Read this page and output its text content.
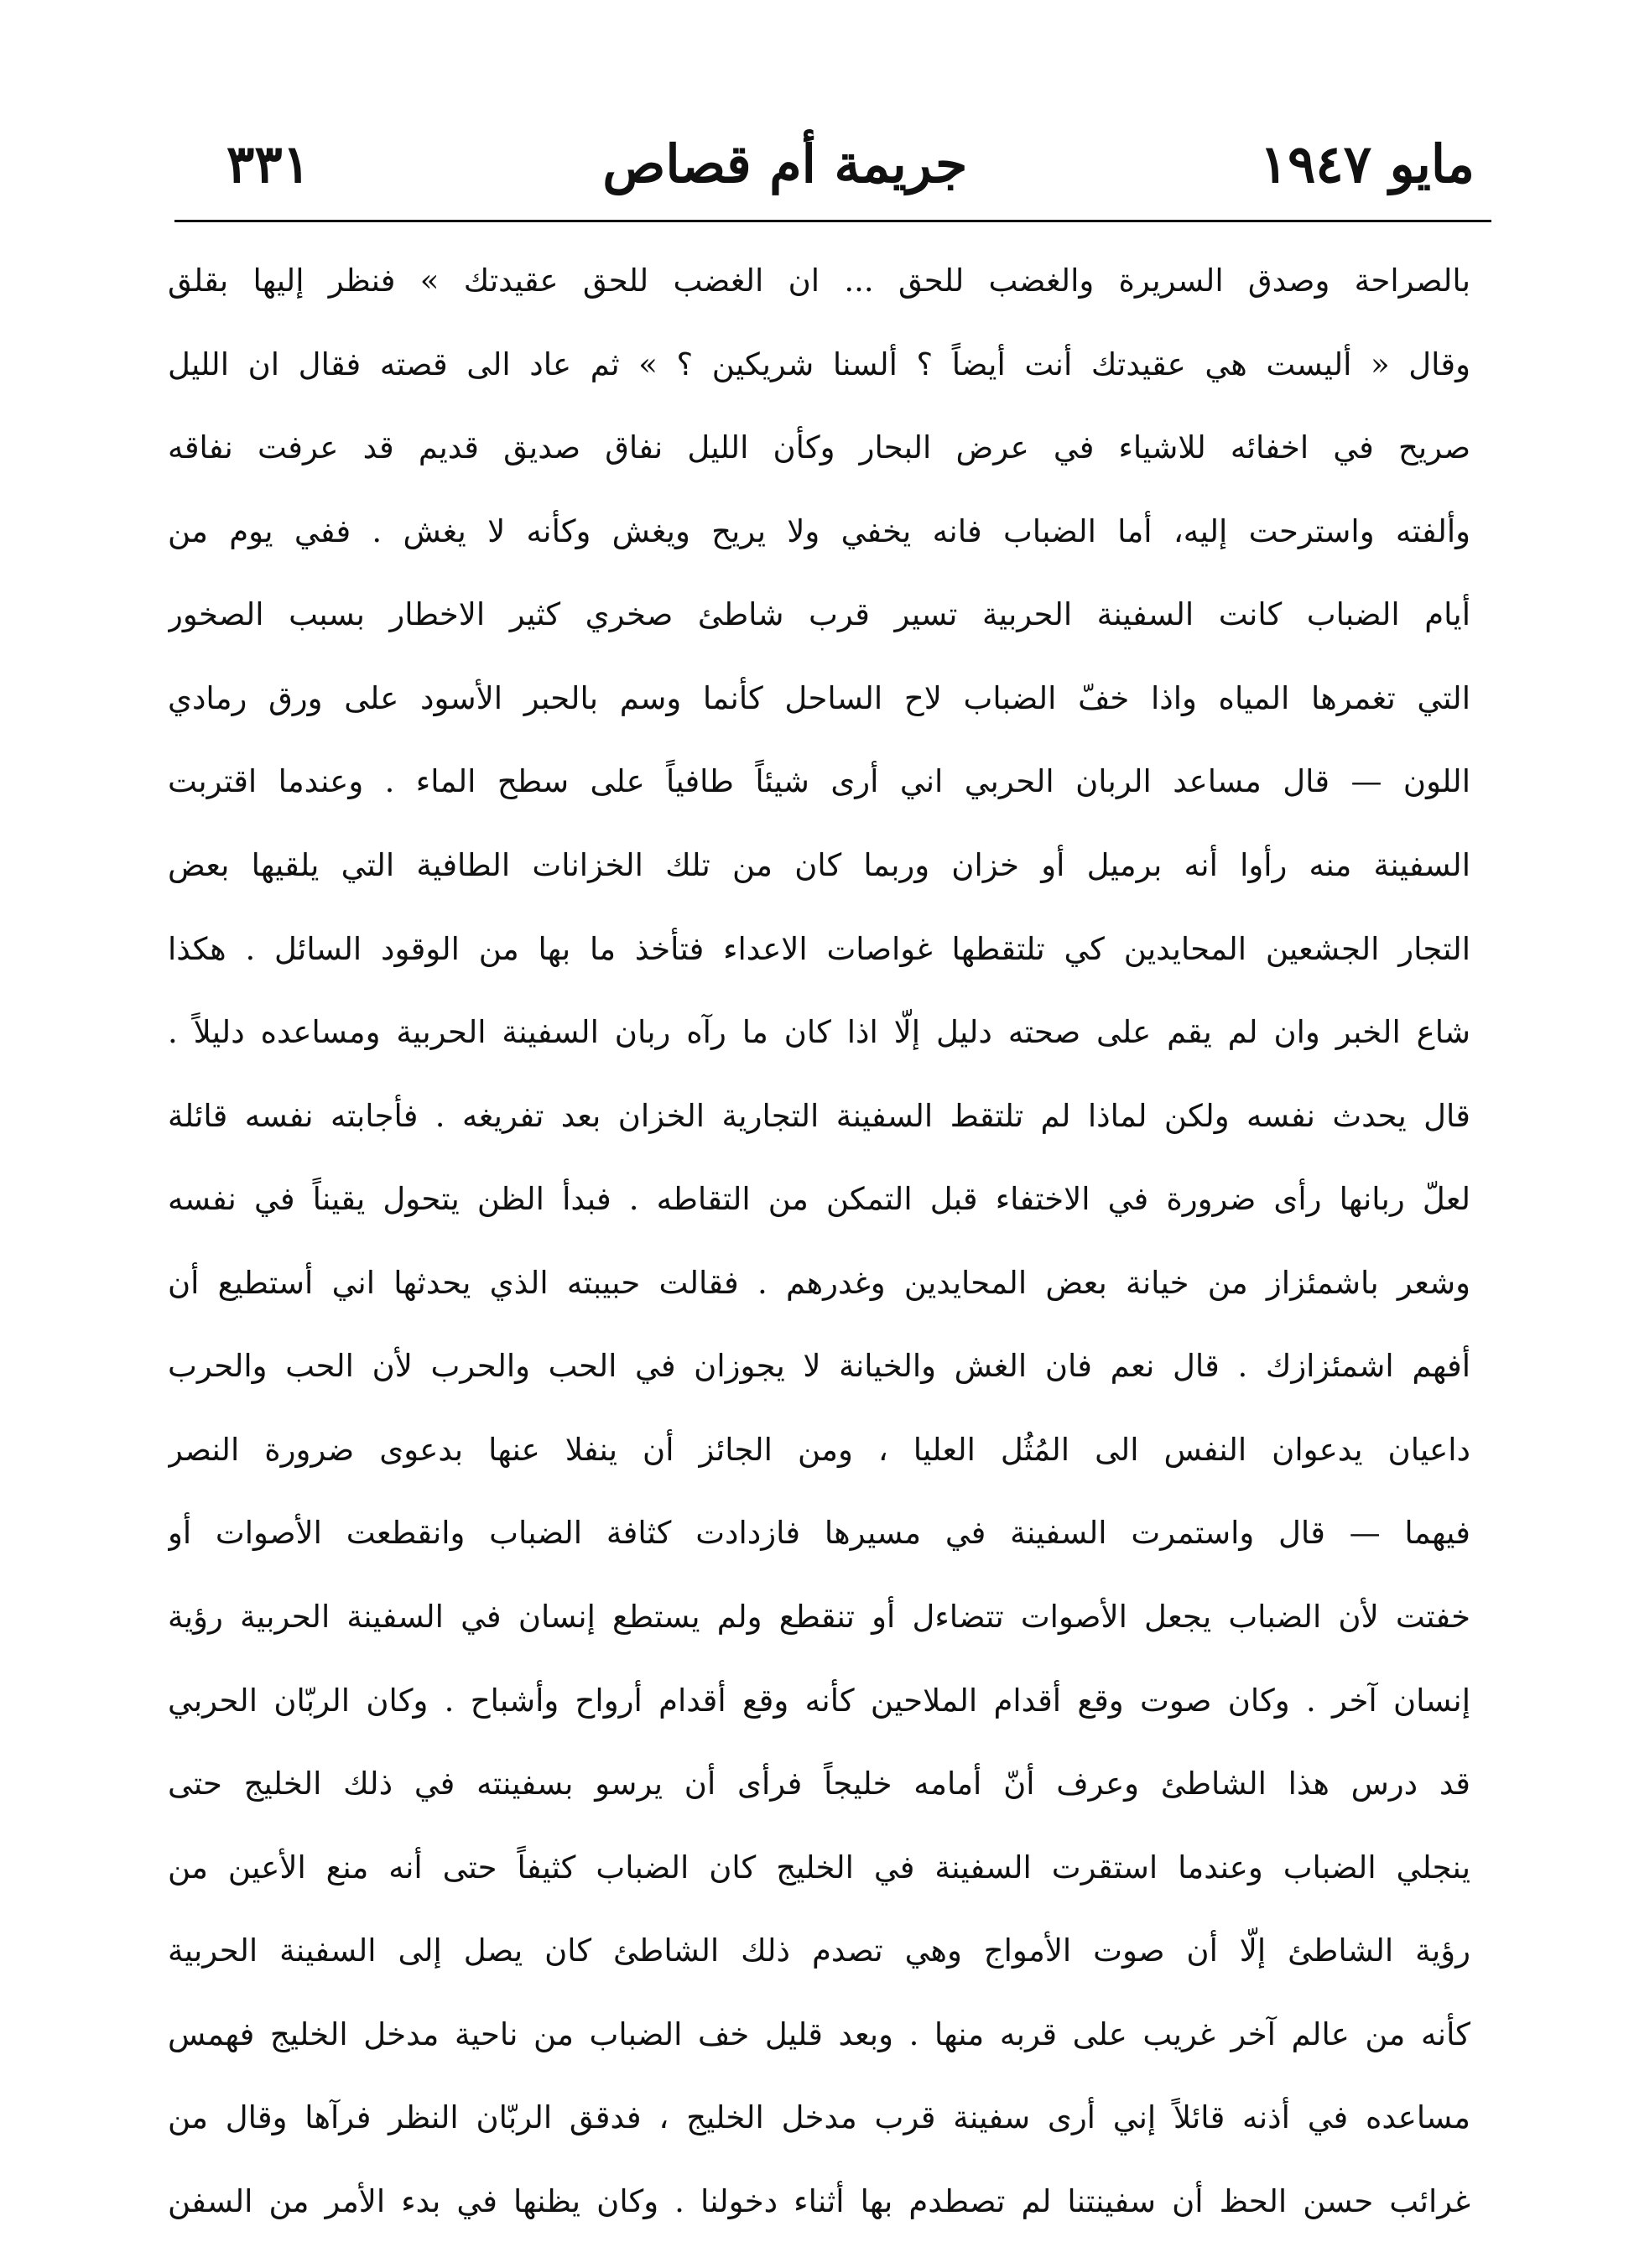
مايو ١٩٤٧
جريمة أم قصاص
٣٣١
بالصراحة وصدق السريرة والغضب للحق ... ان الغضب للحق عقيدتك » فنظر إليها بقلق
وقال « أليست هي عقيدتك أنت أيضاً ؟ ألسنا شريكين ؟ » ثم عاد الى قصته فقال ان الليل
صريح في اخفائه للاشياء في عرض البحار وكأن الليل نفاق صديق قديم قد عرفت نفاقه
وألفته واسترحت إليه، أما الضباب فانه يخفي ولا يريح ويغش وكأنه لا يغش . ففي يوم من
أيام الضباب كانت السفينة الحربية تسير قرب شاطئ صخري كثير الاخطار بسبب الصخور
التي تغمرها المياه واذا خفّ الضباب لاح الساحل كأنما وسم بالحبر الأسود على ورق رمادي
اللون — قال مساعد الربان الحربي اني أرى شيئاً طافياً على سطح الماء . وعندما اقتربت
السفينة منه رأوا أنه برميل أو خزان وربما كان من تلك الخزانات الطافية التي يلقيها بعض
التجار الجشعين المحايدين كي تلتقطها غواصات الاعداء فتأخذ ما بها من الوقود السائل . هكذا
شاع الخبر وان لم يقم على صحته دليل إلّا اذا كان ما رآه ربان السفينة الحربية ومساعده دليلاً .
قال يحدث نفسه ولكن لماذا لم تلتقط السفينة التجارية الخزان بعد تفريغه . فأجابته نفسه قائلة
لعلّ ربانها رأى ضرورة في الاختفاء قبل التمكن من التقاطه . فبدأ الظن يتحول يقيناً في نفسه
وشعر باشمئزاز من خيانة بعض المحايدين وغدرهم . فقالت حبيبته الذي يحدثها اني أستطيع أن
أفهم اشمئزازك . قال نعم فان الغش والخيانة لا يجوزان في الحب والحرب لأن الحب والحرب
داعيان يدعوان النفس الى المُثُل العليا ، ومن الجائز أن ينفلا عنها بدعوى ضرورة النصر
فيهما — قال واستمرت السفينة في مسيرها فازدادت كثافة الضباب وانقطعت الأصوات أو
خفتت لأن الضباب يجعل الأصوات تتضاءل أو تنقطع ولم يستطع إنسان في السفينة الحربية رؤية
إنسان آخر . وكان صوت وقع أقدام الملاحين كأنه وقع أقدام أرواح وأشباح . وكان الربّان الحربي
قد درس هذا الشاطئ وعرف أنّ أمامه خليجاً فرأى أن يرسو بسفينته في ذلك الخليج حتى
ينجلي الضباب وعندما استقرت السفينة في الخليج كان الضباب كثيفاً حتى أنه منع الأعين من
رؤية الشاطئ إلّا أن صوت الأمواج وهي تصدم ذلك الشاطئ كان يصل إلى السفينة الحربية
كأنه من عالم آخر غريب على قربه منها . وبعد قليل خف الضباب من ناحية مدخل الخليج فهمس
مساعده في أذنه قائلاً إني أرى سفينة قرب مدخل الخليج ، فدقق الربّان النظر فرآها وقال من
غرائب حسن الحظ أن سفينتنا لم تصطدم بها أثناء دخولنا . وكان يظنها في بدء الأمر من السفن
